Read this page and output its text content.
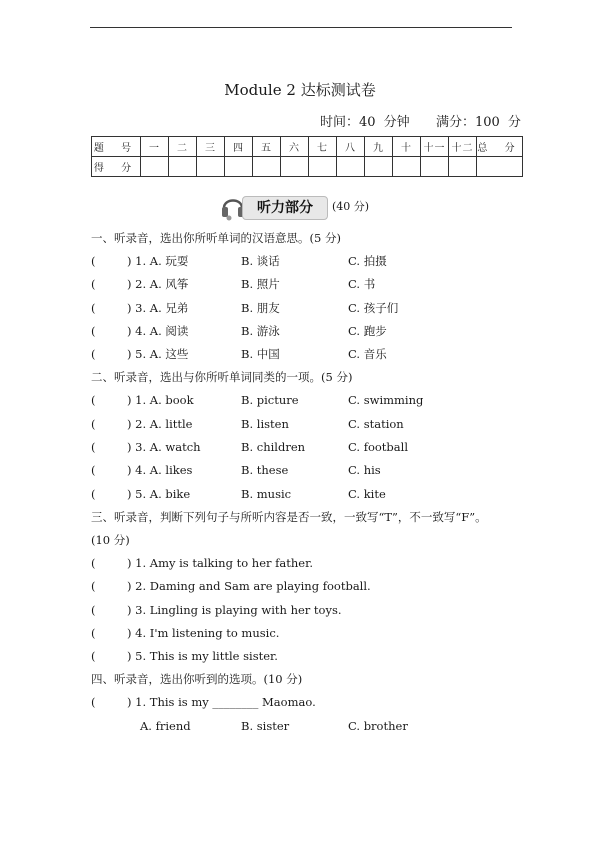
Module 2 达标测试卷
时间：40 分钟 满分：100 分
题 号	一	二	三	四	五	六	七	八	九	十	十一	十二	总 分
得 分													
听力部分	(40 分)
一、听录音，选出你所听单词的汉语意思。(5 分)
(	) 1. A. 玩耍	B. 谈话	C. 拍摄
(	) 2. A. 风筝	B. 照片	C. 书
(	) 3. A. 兄弟	B. 朋友	C. 孩子们
(	) 4. A. 阅读	B. 游泳	C. 跑步
(	) 5. A. 这些	B. 中国	C. 音乐
二、听录音，选出与你所听单词同类的一项。(5 分)
(	) 1. A. book	B. picture	C. swimming
(	) 2. A. little	B. listen	C. station
(	) 3. A. watch	B. children	C. football
(	) 4. A. likes	B. these	C. his
(	) 5. A. bike	B. music	C. kite
三、听录音，判断下列句子与所听内容是否一致，一致写“T”，不一致写“F”。
(10 分)
(	) 1. Amy is talking to her father.
(	) 2. Daming and Sam are playing football.
(	) 3. Lingling is playing with her toys.
(	) 4. I'm listening to music.
(	) 5. This is my little sister.
四、听录音，选出你听到的选项。(10 分)
(	) 1. This is my ________ Maomao.
A. friend	B. sister	C. brother
